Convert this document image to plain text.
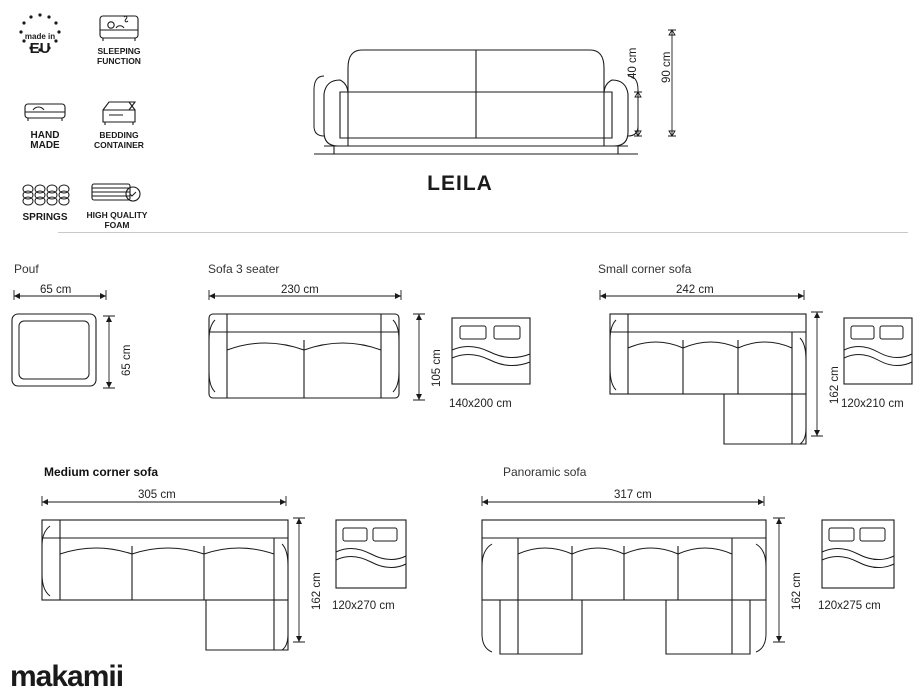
made in
EU	SLEEPING
FUNCTION
HAND
MADE
BEDDING
CONTAINER
SPRINGS	HIGH QUALITY
FOAM
40 cm 90 cm
LEILA
Pouf
65 cm
65 cm
Sofa 3 seater
230 cm
105 cm
140x200 cm
Small corner sofa
242 cm
162 cm 120x210 cm
Medium corner sofa
305 cm
162 cm 120x270 cm
Panoramic sofa
317 cm
162 cm 120x275 cm
makamii
